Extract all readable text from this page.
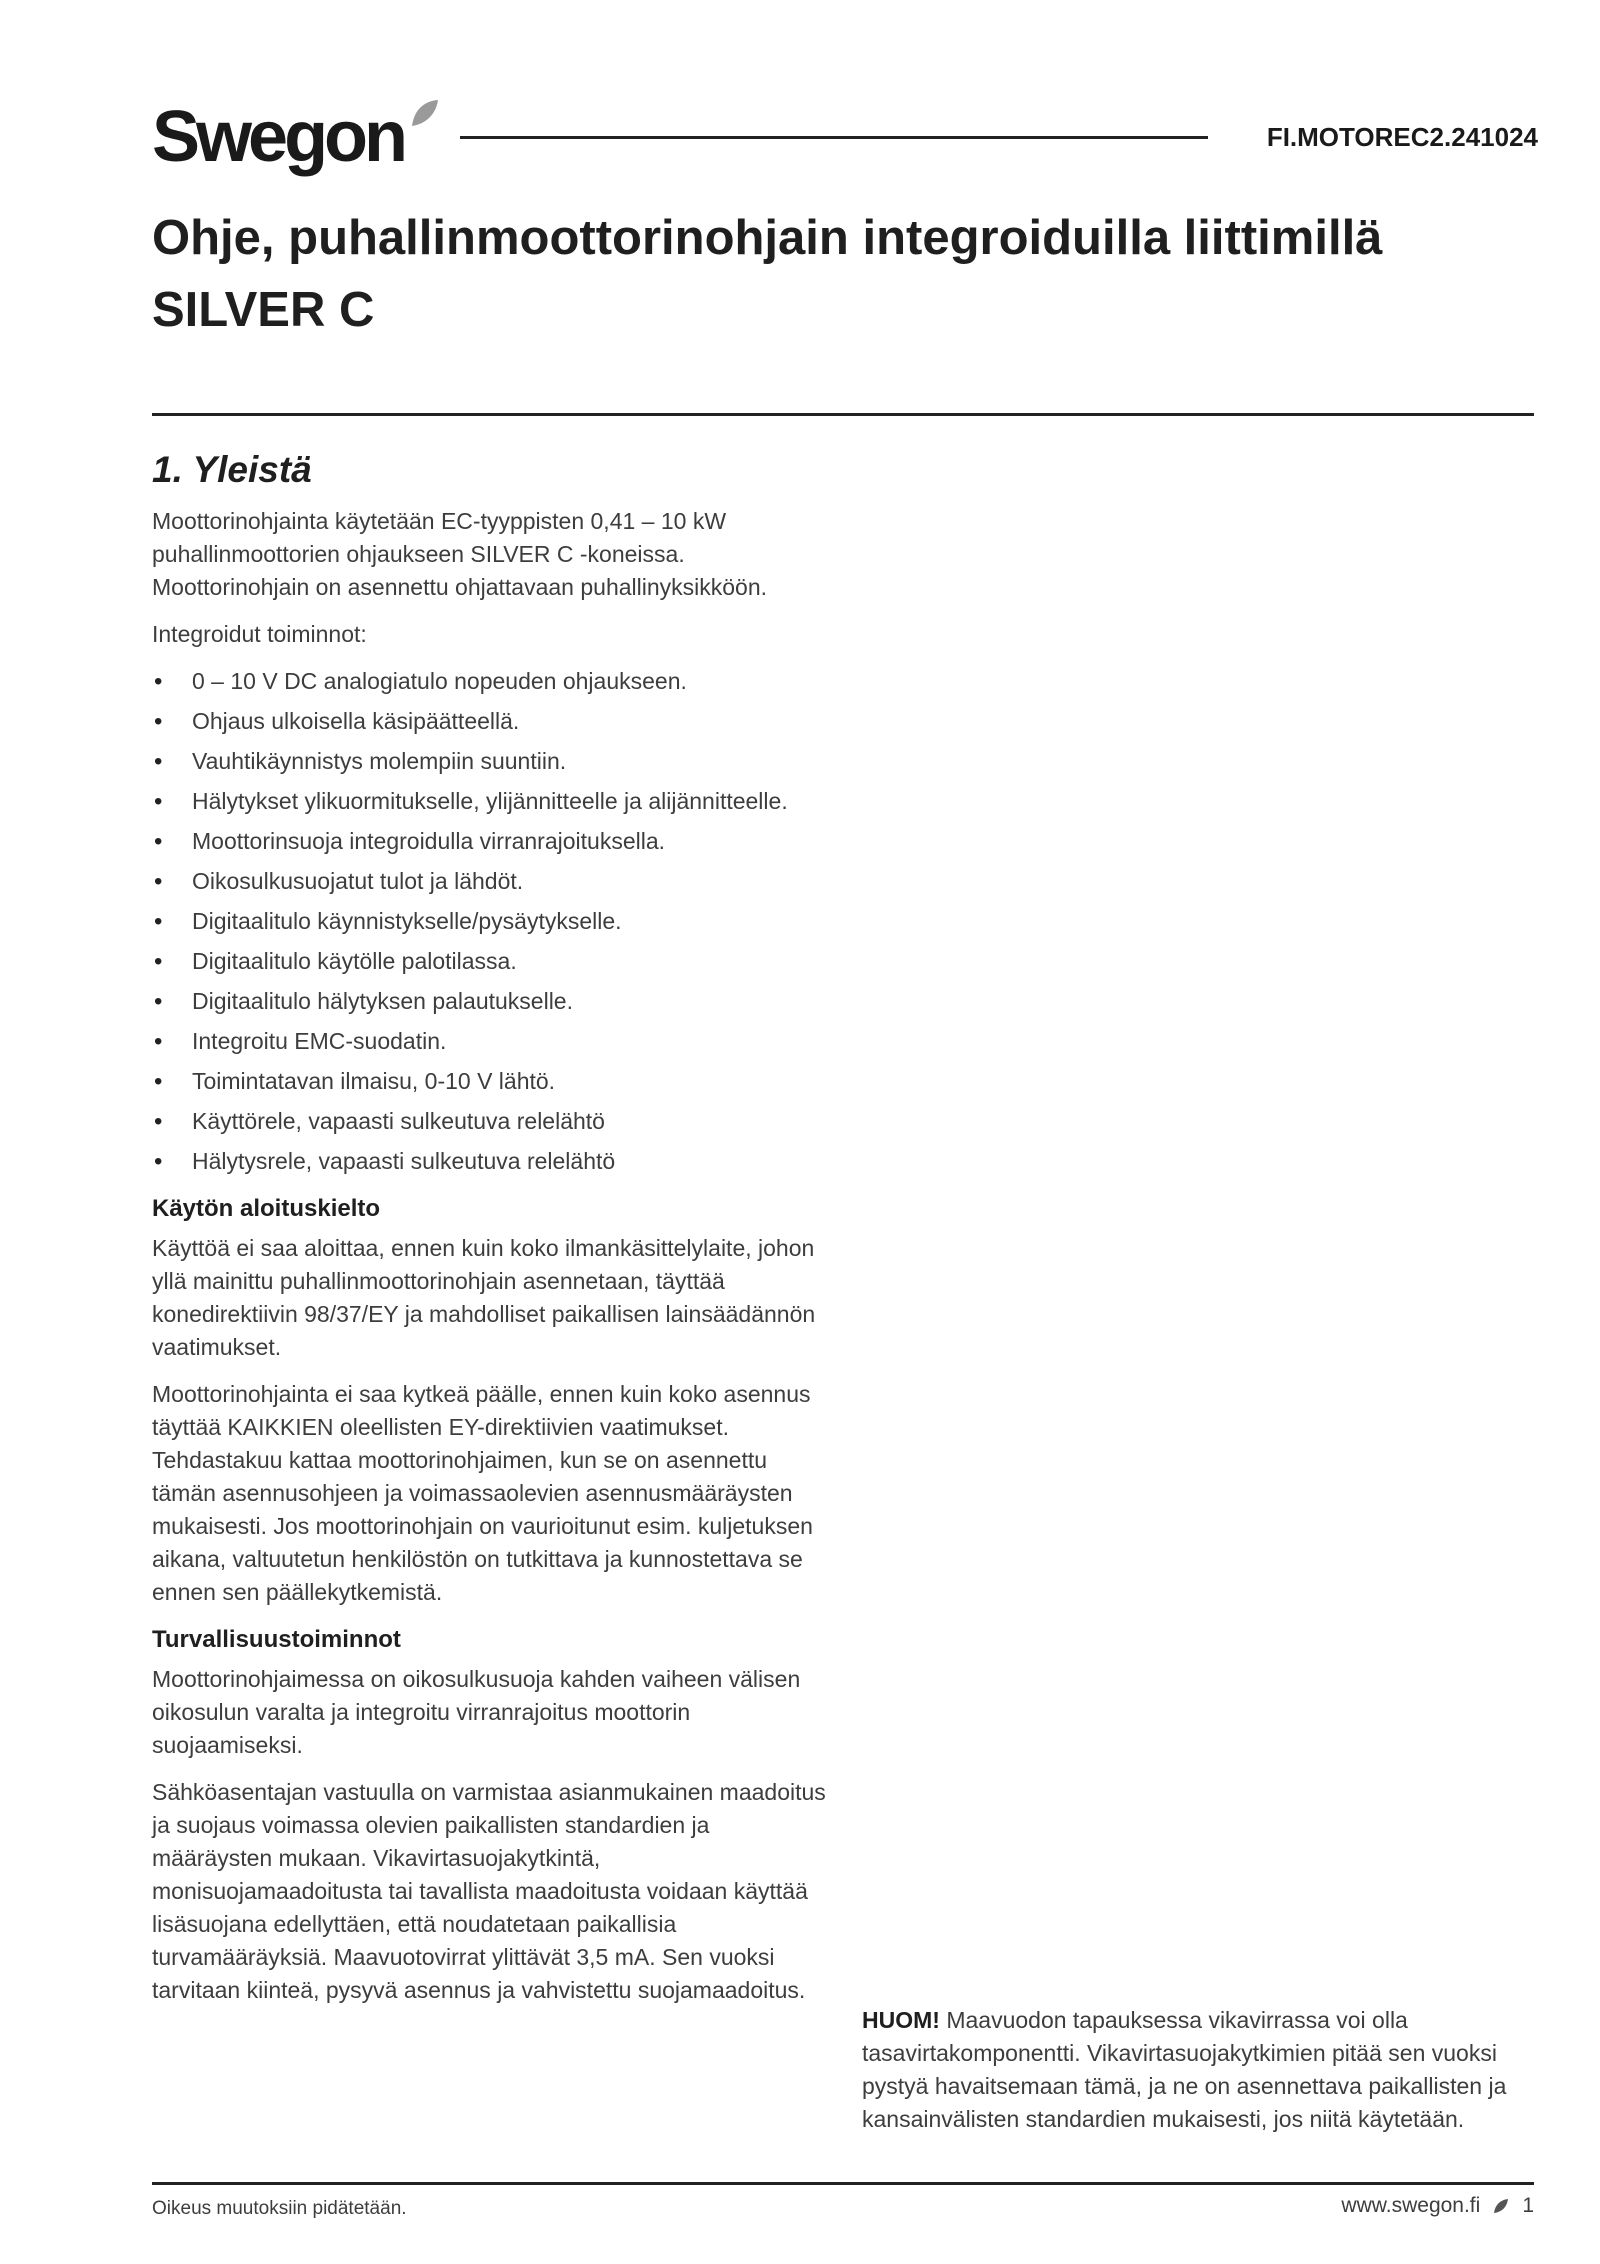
Swegon	FI.MOTOREC2.241024
Ohje, puhallinmoottorinohjain integroiduilla liittimillä
SILVER C
1. Yleistä

Moottorinohjainta käytetään EC-tyyppisten 0,41 – 10 kW puhallinmoottorien ohjaukseen SILVER C -koneissa. Moottorinohjain on asennettu ohjattavaan puhallinyksikköön.

Integroidut toiminnot:

• 0 – 10 V DC analogiatulo nopeuden ohjaukseen.
• Ohjaus ulkoisella käsipäätteellä.
• Vauhtikäynnistys molempiin suuntiin.
• Hälytykset ylikuormitukselle, ylijännitteelle ja alijännitteelle.
• Moottorinsuoja integroidulla virranrajoituksella.
• Oikosulkusuojatut tulot ja lähdöt.
• Digitaalitulo käynnistykselle/pysäytykselle.
• Digitaalitulo käytölle palotilassa.
• Digitaalitulo hälytyksen palautukselle.
• Integroitu EMC-suodatin.
• Toimintatavan ilmaisu, 0-10 V lähtö.
• Käyttörele, vapaasti sulkeutuva relelähtö
• Hälytysrele, vapaasti sulkeutuva relelähtö
Käytön aloituskielto

Käyttöä ei saa aloittaa, ennen kuin koko ilmankäsittelylaite, johon yllä mainittu puhallinmoottorinohjain asennetaan, täyttää konedirektiivin 98/37/EY ja mahdolliset paikallisen lainsäädännön vaatimukset.

Moottorinohjainta ei saa kytkeä päälle, ennen kuin koko asennus täyttää KAIKKIEN oleellisten EY-direktiivien vaatimukset. Tehdastakuu kattaa moottorinohjaimen, kun se on asennettu tämän asennusohjeen ja voimassaolevien asennusmääräysten mukaisesti. Jos moottorinohjain on vaurioitunut esim. kuljetuksen aikana, valtuutetun henkilöstön on tutkittava ja kunnostettava se ennen sen päällekytkemistä.

Turvallisuustoiminnot

Moottorinohjaimessa on oikosulkusuoja kahden vaiheen välisen oikosulun varalta ja integroitu virranrajoitus moottorin suojaamiseksi.

Sähköasentajan vastuulla on varmistaa asianmukainen maadoitus ja suojaus voimassa olevien paikallisten standardien ja määräysten mukaan. Vikavirtasuojakytkintä, monisuojamaadoitusta tai tavallista maadoitusta voidaan käyttää lisäsuojana edellyttäen, että noudatetaan paikallisia turvamääräyksiä. Maavuotovirrat ylittävät 3,5 mA. Sen vuoksi tarvitaan kiinteä, pysyvä asennus ja vahvistettu suojamaadoitus.

HUOM! Maavuodon tapauksessa vikavirrassa voi olla tasavirtakomponentti. Vikavirtasuojakytkimien pitää sen vuoksi pystyä havaitsemaan tämä, ja ne on asennettava paikallisten ja kansainvälisten standardien mukaisesti, jos niitä käytetään.

Oikeus muutoksiin pidätetään.	www.swegon.fi 1
